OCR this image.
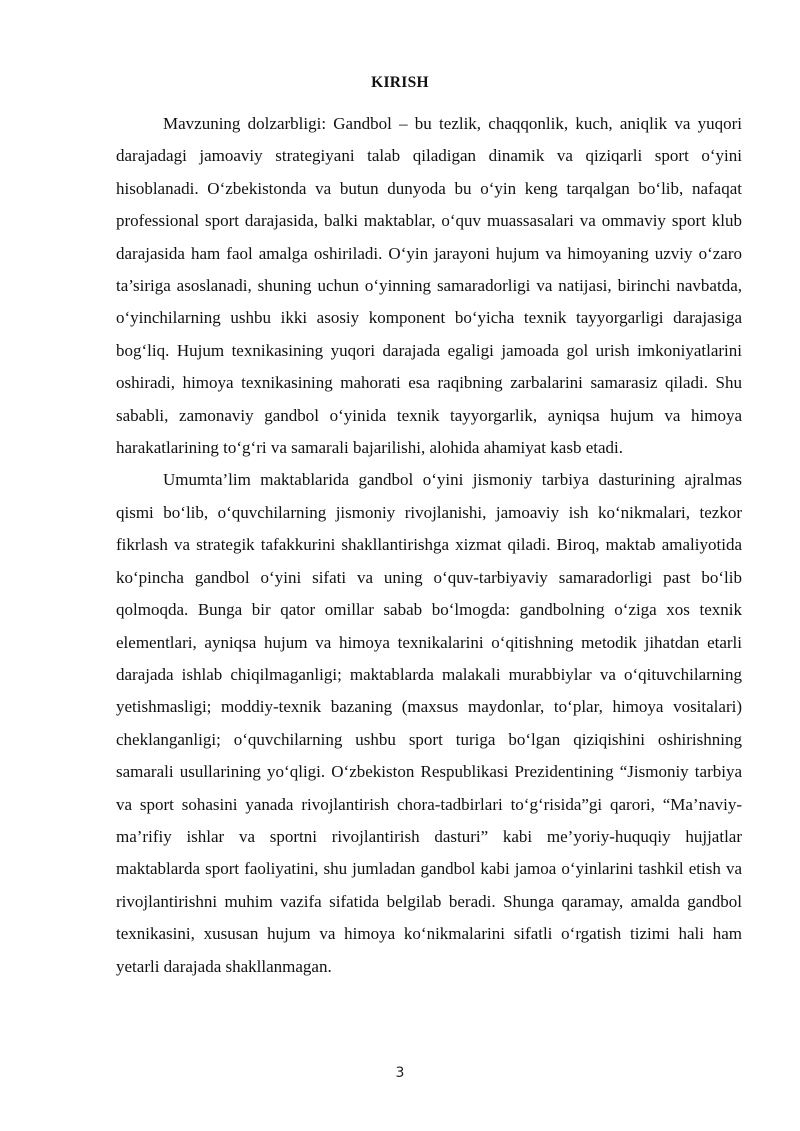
KIRISH

Mavzuning dolzarbligi: Gandbol – bu tezlik, chaqqonlik, kuch, aniqlik va yuqori darajadagi jamoaviy strategiyani talab qiladigan dinamik va qiziqarli sport o‘yini hisoblanadi. O‘zbekistonda va butun dunyoda bu o‘yin keng tarqalgan bo‘lib, nafaqat professional sport darajasida, balki maktablar, o‘quv muassasalari va ommaviy sport klub darajasida ham faol amalga oshiriladi. O‘yin jarayoni hujum va himoyaning uzviy o‘zaro ta’siriga asoslanadi, shuning uchun o‘yinning samaradorligi va natijasi, birinchi navbatda, o‘yinchilarning ushbu ikki asosiy komponent bo‘yicha texnik tayyorgarligi darajasiga bog‘liq. Hujum texnikasining yuqori darajada egaligi jamoada gol urish imkoniyatlarini oshiradi, himoya texnikasining mahorati esa raqibning zarbalarini samarasiz qiladi. Shu sababli, zamonaviy gandbol o‘yinida texnik tayyorgarlik, ayniqsa hujum va himoya harakatlarining to‘g‘ri va samarali bajarilishi, alohida ahamiyat kasb etadi.

Umumta’lim maktablarida gandbol o‘yini jismoniy tarbiya dasturining ajralmas qismi bo‘lib, o‘quvchilarning jismoniy rivojlanishi, jamoaviy ish ko‘nikmalari, tezkor fikrlash va strategik tafakkurini shakllantirishga xizmat qiladi. Biroq, maktab amaliyotida ko‘pincha gandbol o‘yini sifati va uning o‘quv-tarbiyaviy samaradorligi past bo‘lib qolmoqda. Bunga bir qator omillar sabab bo‘lmogda: gandbolning o‘ziga xos texnik elementlari, ayniqsa hujum va himoya texnikalarini o‘qitishning metodik jihatdan etarli darajada ishlab chiqilmaganligi; maktablarda malakali murabbiylar va o‘qituvchilarning yetishmasligi; moddiy-texnik bazaning (maxsus maydonlar, to‘plar, himoya vositalari) cheklanganligi; o‘quvchilarning ushbu sport turiga bo‘lgan qiziqishini oshirishning samarali usullarining yo‘qligi. O‘zbekiston Respublikasi Prezidentining “Jismoniy tarbiya va sport sohasini yanada rivojlantirish chora-tadbirlari to‘g‘risida”gi qarori, “Ma’naviy-ma’rifiy ishlar va sportni rivojlantirish dasturi” kabi me’yoriy-huquqiy hujjatlar maktablarda sport faoliyatini, shu jumladan gandbol kabi jamoa o‘yinlarini tashkil etish va rivojlantirishni muhim vazifa sifatida belgilab beradi. Shunga qaramay, amalda gandbol texnikasini, xususan hujum va himoya ko‘nikmalarini sifatli o‘rgatish tizimi hali ham yetarli darajada shakllanmagan.

3
